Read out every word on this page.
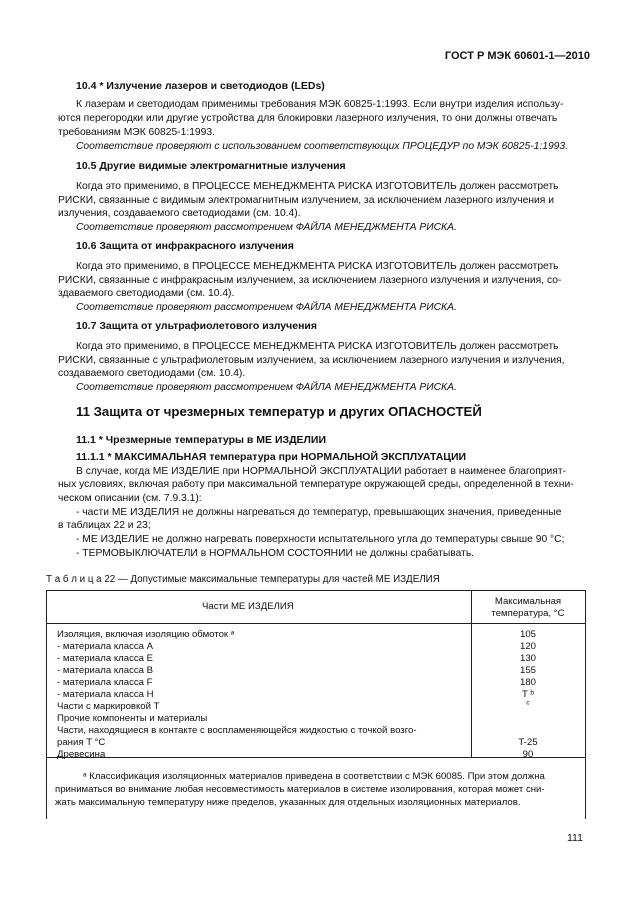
ГОСТ Р МЭК 60601-1—2010
10.4 * Излучение лазеров и светодиодов (LEDs)
К лазерам и светодиодам применимы требования МЭК 60825-1:1993. Если внутри изделия использу-
ются перегородки или другие устройства для блокировки лазерного излучения, то они должны отвечать
требованиям МЭК 60825-1:1993.
Соответствие проверяют с использованием соответствующих ПРОЦЕДУР по МЭК 60825-1:1993.
10.5 Другие видимые электромагнитные излучения
Когда это применимо, в ПРОЦЕССЕ МЕНЕДЖМЕНТА РИСКА ИЗГОТОВИТЕЛЬ должен рассмотреть
РИСКИ, связанные с видимым электромагнитным излучением, за исключением лазерного излучения и
излучения, создаваемого светодиодами (см. 10.4).
Соответствие проверяют рассмотрением ФАЙЛА МЕНЕДЖМЕНТА РИСКА.
10.6 Защита от инфракрасного излучения
Когда это применимо, в ПРОЦЕССЕ МЕНЕДЖМЕНТА РИСКА ИЗГОТОВИТЕЛЬ должен рассмотреть
РИСКИ, связанные с инфракрасным излучением, за исключением лазерного излучения и излучения, со-
здаваемого светодиодами (см. 10.4).
Соответствие проверяют рассмотрением ФАЙЛА МЕНЕДЖМЕНТА РИСКА.
10.7 Защита от ультрафиолетового излучения
Когда это применимо, в ПРОЦЕССЕ МЕНЕДЖМЕНТА РИСКА ИЗГОТОВИТЕЛЬ должен рассмотреть
РИСКИ, связанные с ультрафиолетовым излучением, за исключением лазерного излучения и излучения,
создаваемого светодиодами (см. 10.4).
Соответствие проверяют рассмотрением ФАЙЛА МЕНЕДЖМЕНТА РИСКА.
11 Защита от чрезмерных температур и других ОПАСНОСТЕЙ
11.1 * Чрезмерные температуры в МЕ ИЗДЕЛИИ
11.1.1 * МАКСИМАЛЬНАЯ температура при НОРМАЛЬНОЙ ЭКСПЛУАТАЦИИ
В случае, когда МЕ ИЗДЕЛИЕ при НОРМАЛЬНОЙ ЭКСПЛУАТАЦИИ работает в наименее благоприят-
ных условиях, включая работу при максимальной температуре окружающей среды, определенной в техни-
ческом описании (см. 7.9.3.1):
- части МЕ ИЗДЕЛИЯ не должны нагреваться до температур, превышающих значения, приведенные
в таблицах 22 и 23;
- МЕ ИЗДЕЛИЕ не должно нагревать поверхности испытательного угла до температуры свыше 90 °С;
- ТЕРМОВЫКЛЮЧАТЕЛИ в НОРМАЛЬНОМ СОСТОЯНИИ не должны срабатывать.
Т а б л и ц а 22 — Допустимые максимальные температуры для частей МЕ ИЗДЕЛИЯ
Части МЕ ИЗДЕЛИЯ	Максимальная
температура, °С
Изоляция, включая изоляцию обмоток ᵃ	105
- материала класса А	120
- материала класса Е	130
- материала класса В	155
- материала класса F	180
- материала класса Н	T ᵇ
Части с маркировкой Т	ᶜ
Прочие компоненты и материалы
Части, находящиеся в контакте с воспламеняющейся жидкостью с точкой возго-
рания T °С	T-25
Древесина	90
ᵃ Классификация изоляционных материалов приведена в соответствии с МЭК 60085. При этом должна
приниматься во внимание любая несовместимость материалов в системе изолирования, которая может сни-
жать максимальную температуру ниже пределов, указанных для отдельных изоляционных материалов.
111
